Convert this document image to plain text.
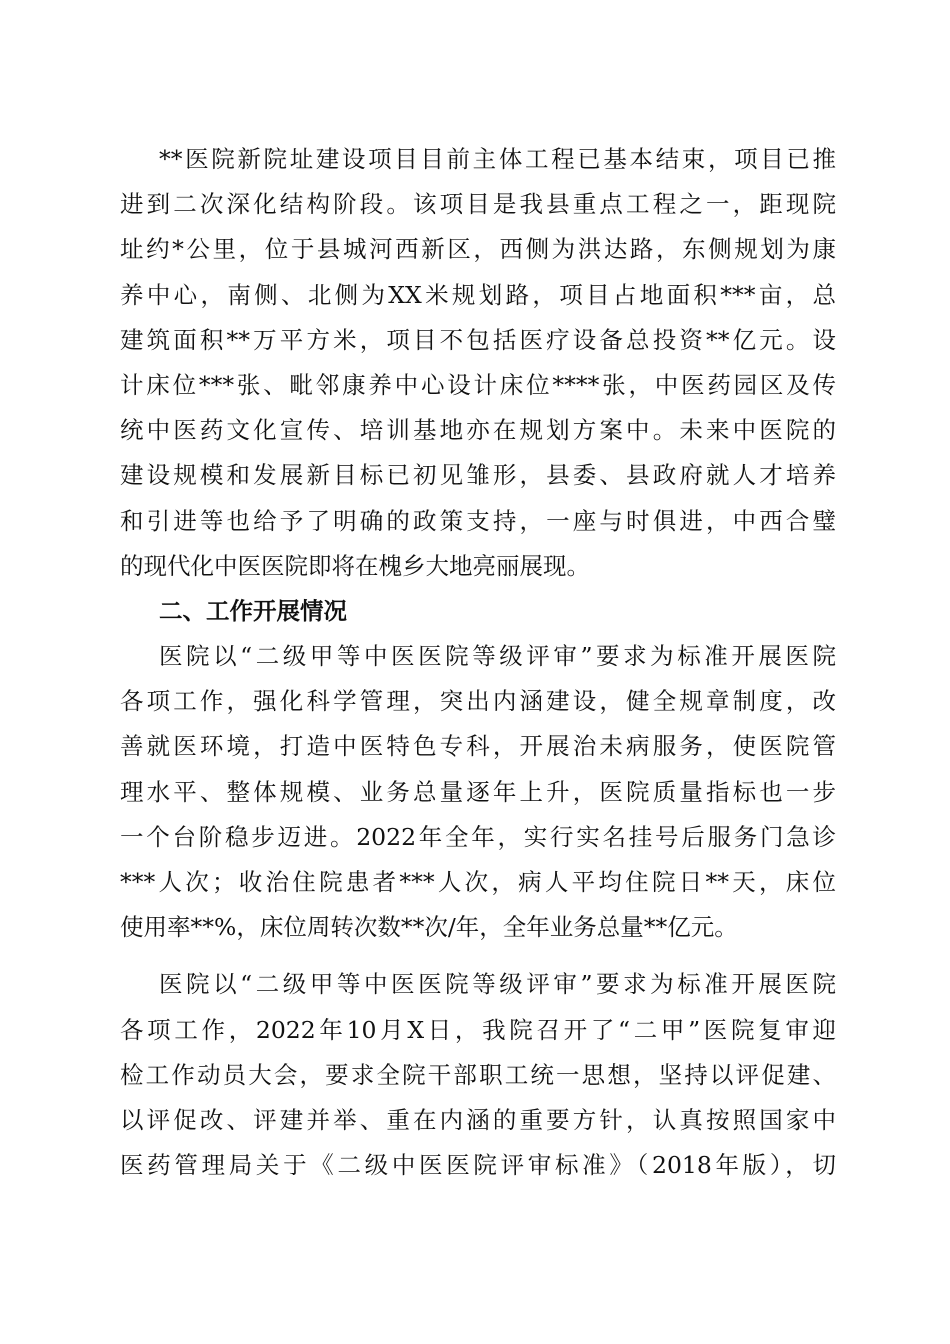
**医院新院址建设项目目前主体工程已基本结束，项目已推
进到二次深化结构阶段。该项目是我县重点工程之一，距现院
址约*公里，位于县城河西新区，西侧为洪达路，东侧规划为康
养中心，南侧、北侧为XX米规划路，项目占地面积***亩，总
建筑面积**万平方米，项目不包括医疗设备总投资**亿元。设
计床位***张、毗邻康养中心设计床位****张，中医药园区及传
统中医药文化宣传、培训基地亦在规划方案中。未来中医院的
建设规模和发展新目标已初见雏形，县委、县政府就人才培养
和引进等也给予了明确的政策支持，一座与时俱进，中西合璧
的现代化中医医院即将在槐乡大地亮丽展现。
二、工作开展情况
医院以“二级甲等中医医院等级评审”要求为标准开展医院
各项工作，强化科学管理，突出内涵建设，健全规章制度，改
善就医环境，打造中医特色专科，开展治未病服务，使医院管
理水平、整体规模、业务总量逐年上升，医院质量指标也一步
一个台阶稳步迈进。2022年全年，实行实名挂号后服务门急诊
***人次；收治住院患者***人次，病人平均住院日**天，床位
使用率**%，床位周转次数**次/年，全年业务总量**亿元。
医院以“二级甲等中医医院等级评审”要求为标准开展医院
各项工作，2022年10月X日，我院召开了“二甲”医院复审迎
检工作动员大会，要求全院干部职工统一思想，坚持以评促建、
以评促改、评建并举、重在内涵的重要方针，认真按照国家中
医药管理局关于《二级中医医院评审标准》（2018年版），切
